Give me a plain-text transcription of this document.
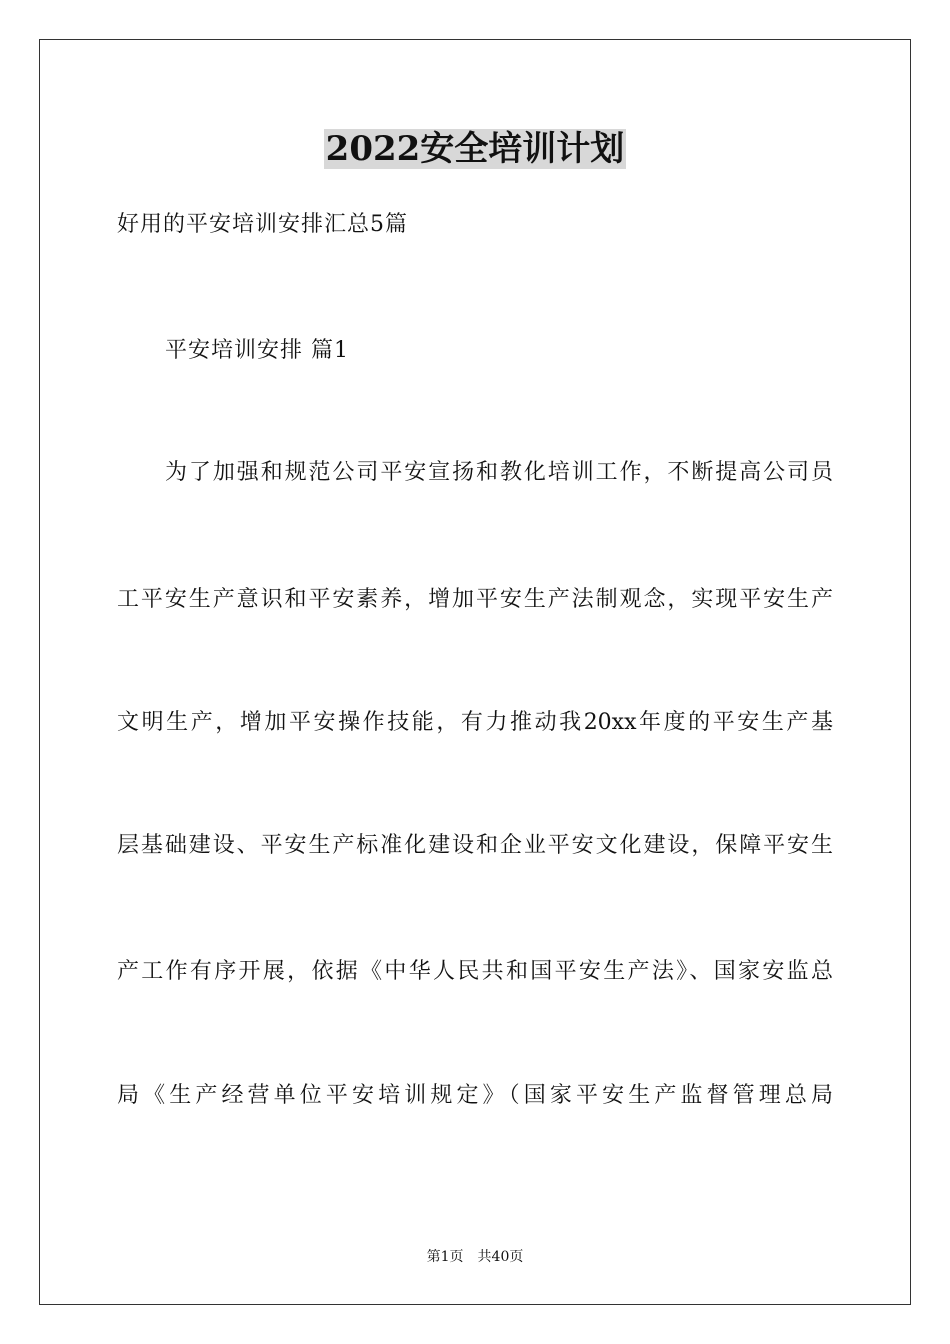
2022安全培训计划
好用的平安培训安排汇总5篇
平安培训安排 篇1
为了加强和规范公司平安宣扬和教化培训工作，不断提高公司员
工平安生产意识和平安素养，增加平安生产法制观念，实现平安生产
文明生产，增加平安操作技能，有力推动我20xx年度的平安生产基
层基础建设、平安生产标准化建设和企业平安文化建设，保障平安生
产工作有序开展，依据《中华人民共和国平安生产法》、国家安监总
局《生产经营单位平安培训规定》（国家平安生产监督管理总局
第1页　共40页
